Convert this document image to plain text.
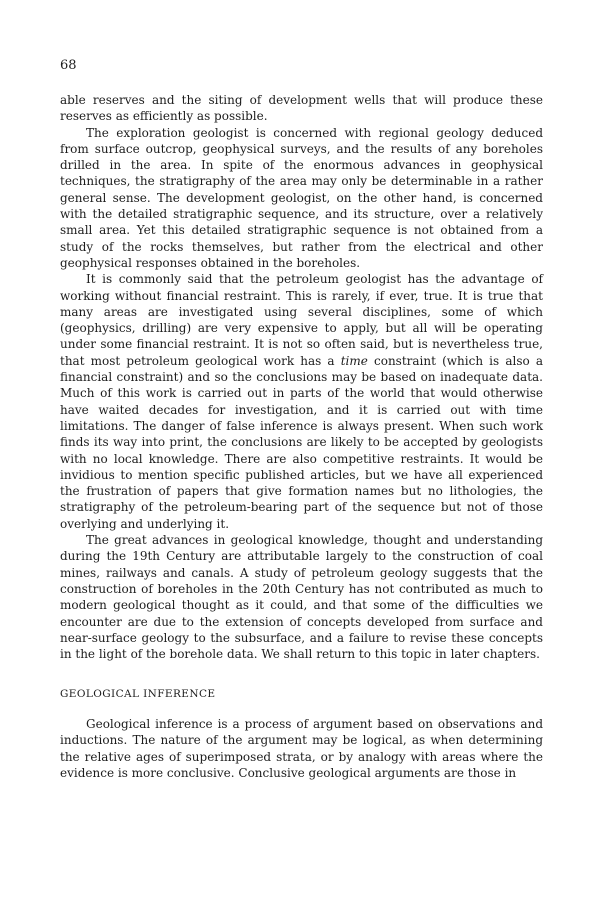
68

able reserves and the siting of development wells that will produce these reserves as efficiently as possible.

The exploration geologist is concerned with regional geology deduced from surface outcrop, geophysical surveys, and the results of any boreholes drilled in the area. In spite of the enormous advances in geophysical techniques, the stratigraphy of the area may only be determinable in a rather general sense. The development geologist, on the other hand, is concerned with the detailed stratigraphic sequence, and its structure, over a relatively small area. Yet this detailed stratigraphic sequence is not obtained from a study of the rocks themselves, but rather from the electrical and other geophysical responses obtained in the boreholes.

It is commonly said that the petroleum geologist has the advantage of working without financial restraint. This is rarely, if ever, true. It is true that many areas are investigated using several disciplines, some of which (geophysics, drilling) are very expensive to apply, but all will be operating under some financial restraint. It is not so often said, but is nevertheless true, that most petroleum geological work has a time constraint (which is also a financial constraint) and so the conclusions may be based on inadequate data. Much of this work is carried out in parts of the world that would otherwise have waited decades for investigation, and it is carried out with time limitations. The danger of false inference is always present. When such work finds its way into print, the conclusions are likely to be accepted by geologists with no local knowledge. There are also competitive restraints. It would be invidious to mention specific published articles, but we have all experienced the frustration of papers that give formation names but no lithologies, the stratigraphy of the petroleum-bearing part of the sequence but not of those overlying and underlying it.

The great advances in geological knowledge, thought and understanding during the 19th Century are attributable largely to the construction of coal mines, railways and canals. A study of petroleum geology suggests that the construction of boreholes in the 20th Century has not contributed as much to modern geological thought as it could, and that some of the difficulties we encounter are due to the extension of concepts developed from surface and near-surface geology to the subsurface, and a failure to revise these concepts in the light of the borehole data. We shall return to this topic in later chapters.

GEOLOGICAL INFERENCE

Geological inference is a process of argument based on observations and inductions. The nature of the argument may be logical, as when determining the relative ages of superimposed strata, or by analogy with areas where the evidence is more conclusive. Conclusive geological arguments are those in
